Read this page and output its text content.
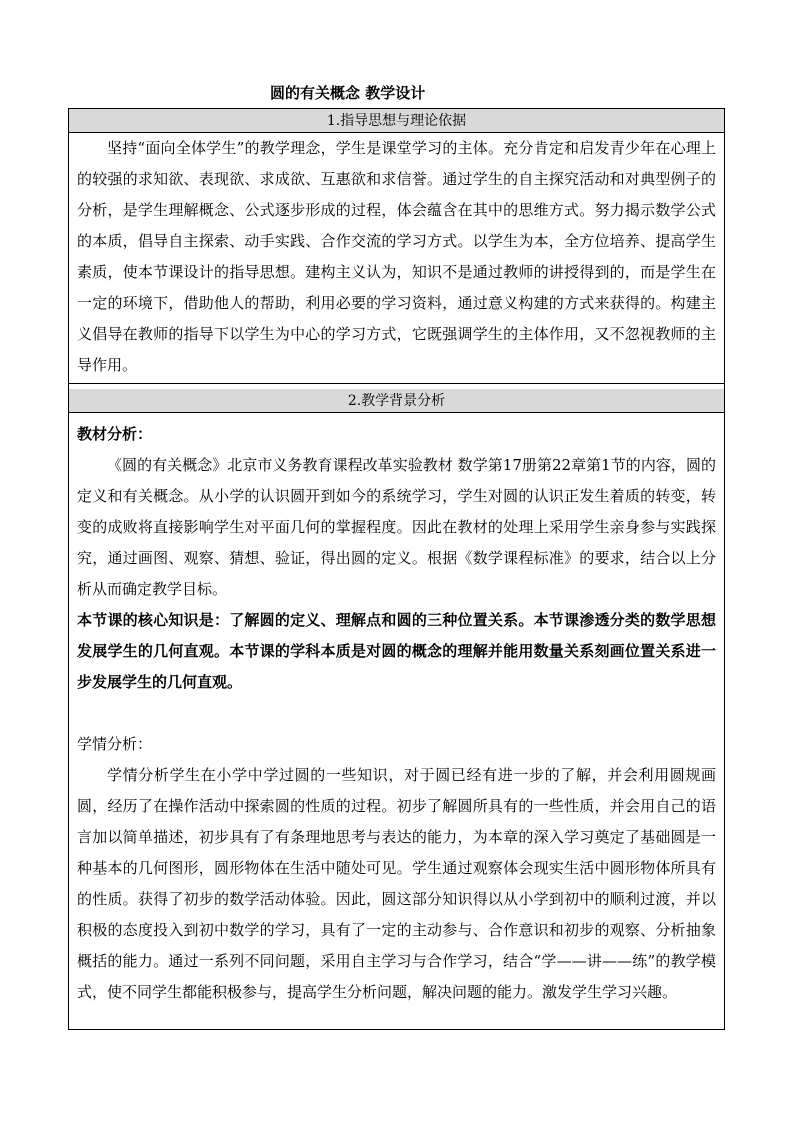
圆的有关概念 教学设计
1.指导思想与理论依据

坚持“面向全体学生”的教学理念，学生是课堂学习的主体。充分肯定和启发青少年在心理上的较强的求知欲、表现欲、求成欲、互惠欲和求信誉。通过学生的自主探究活动和对典型例子的分析，是学生理解概念、公式逐步形成的过程，体会蕴含在其中的思维方式。努力揭示数学公式的本质，倡导自主探索、动手实践、合作交流的学习方式。以学生为本，全方位培养、提高学生素质，使本节课设计的指导思想。建构主义认为，知识不是通过教师的讲授得到的，而是学生在一定的环境下，借助他人的帮助，利用必要的学习资料，通过意义构建的方式来获得的。构建主义倡导在教师的指导下以学生为中心的学习方式，它既强调学生的主体作用，又不忽视教师的主导作用。

2.教学背景分析

教材分析：

《圆的有关概念》北京市义务教育课程改革实验教材 数学第17册第22章第1节的内容，圆的定义和有关概念。从小学的认识圆开到如今的系统学习，学生对圆的认识正发生着质的转变，转变的成败将直接影响学生对平面几何的掌握程度。因此在教材的处理上采用学生亲身参与实践探究，通过画图、观察、猜想、验证，得出圆的定义。根据《数学课程标准》的要求，结合以上分析从而确定教学目标。

本节课的核心知识是：了解圆的定义、理解点和圆的三种位置关系。本节课渗透分类的数学思想发展学生的几何直观。本节课的学科本质是对圆的概念的理解并能用数量关系刻画位置关系进一步发展学生的几何直观。

学情分析：

学情分析学生在小学中学过圆的一些知识，对于圆已经有进一步的了解，并会利用圆规画圆，经历了在操作活动中探索圆的性质的过程。初步了解圆所具有的一些性质，并会用自己的语言加以简单描述，初步具有了有条理地思考与表达的能力，为本章的深入学习奠定了基础圆是一种基本的几何图形，圆形物体在生活中随处可见。学生通过观察体会现实生活中圆形物体所具有的性质。获得了初步的数学活动体验。因此，圆这部分知识得以从小学到初中的顺利过渡，并以积极的态度投入到初中数学的学习，具有了一定的主动参与、合作意识和初步的观察、分析抽象概括的能力。通过一系列不同问题，采用自主学习与合作学习，结合“学——讲——练”的教学模式，使不同学生都能积极参与，提高学生分析问题，解决问题的能力。激发学生学习兴趣。
